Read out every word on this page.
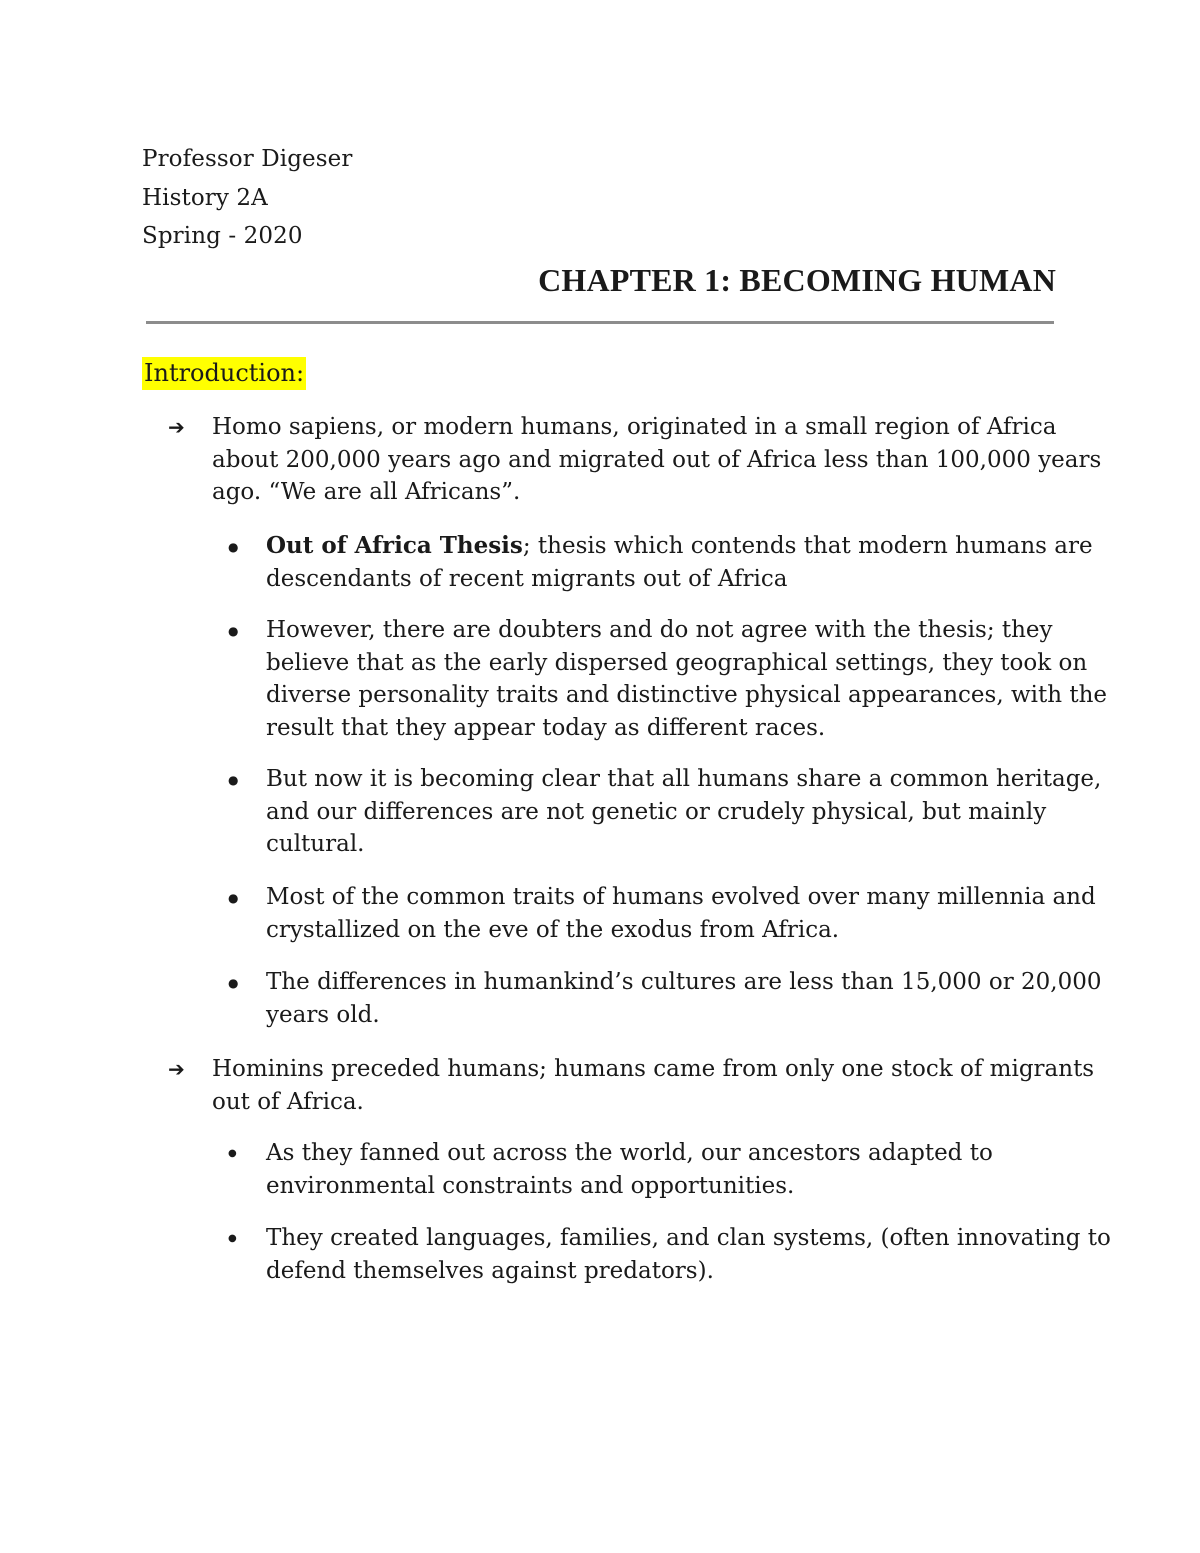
Professor Digeser
History 2A
Spring - 2020
CHAPTER 1: BECOMING HUMAN
Introduction:
➔ Homo sapiens, or modern humans, originated in a small region of Africa
about 200,000 years ago and migrated out of Africa less than 100,000 years
ago. “We are all Africans”.
● Out of Africa Thesis; thesis which contends that modern humans are
descendants of recent migrants out of Africa
● However, there are doubters and do not agree with the thesis; they
believe that as the early dispersed geographical settings, they took on
diverse personality traits and distinctive physical appearances, with the
result that they appear today as different races.
● But now it is becoming clear that all humans share a common heritage,
and our differences are not genetic or crudely physical, but mainly
cultural.
● Most of the common traits of humans evolved over many millennia and
crystallized on the eve of the exodus from Africa.
● The differences in humankind’s cultures are less than 15,000 or 20,000
years old.
➔ Hominins preceded humans; humans came from only one stock of migrants
out of Africa.
● As they fanned out across the world, our ancestors adapted to
environmental constraints and opportunities.
● They created languages, families, and clan systems, (often innovating to
defend themselves against predators).
